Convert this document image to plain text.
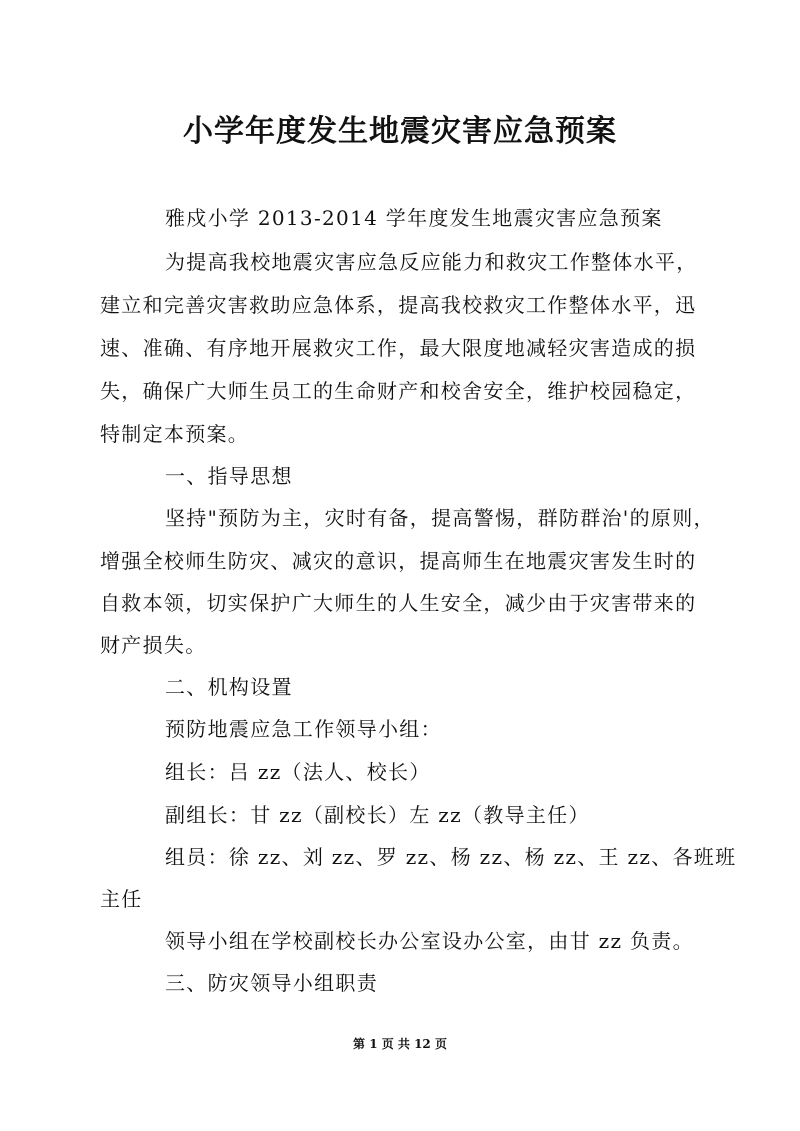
小学年度发生地震灾害应急预案
雅戍小学 2013-2014 学年度发生地震灾害应急预案
为提高我校地震灾害应急反应能力和救灾工作整体水平，
建立和完善灾害救助应急体系，提高我校救灾工作整体水平，迅
速、准确、有序地开展救灾工作，最大限度地减轻灾害造成的损
失，确保广大师生员工的生命财产和校舍安全，维护校园稳定，
特制定本预案。
一、指导思想
坚持"预防为主，灾时有备，提高警惕，群防群治'的原则，
增强全校师生防灾、减灾的意识，提高师生在地震灾害发生时的
自救本领，切实保护广大师生的人生安全，减少由于灾害带来的
财产损失。
二、机构设置
预防地震应急工作领导小组：
组长：吕 zz（法人、校长）
副组长：甘 zz（副校长）左 zz（教导主任）
组员：徐 zz、刘 zz、罗 zz、杨 zz、杨 zz、王 zz、各班班
主任
领导小组在学校副校长办公室设办公室，由甘 zz 负责。
三、防灾领导小组职责
第 1 页 共 12 页
